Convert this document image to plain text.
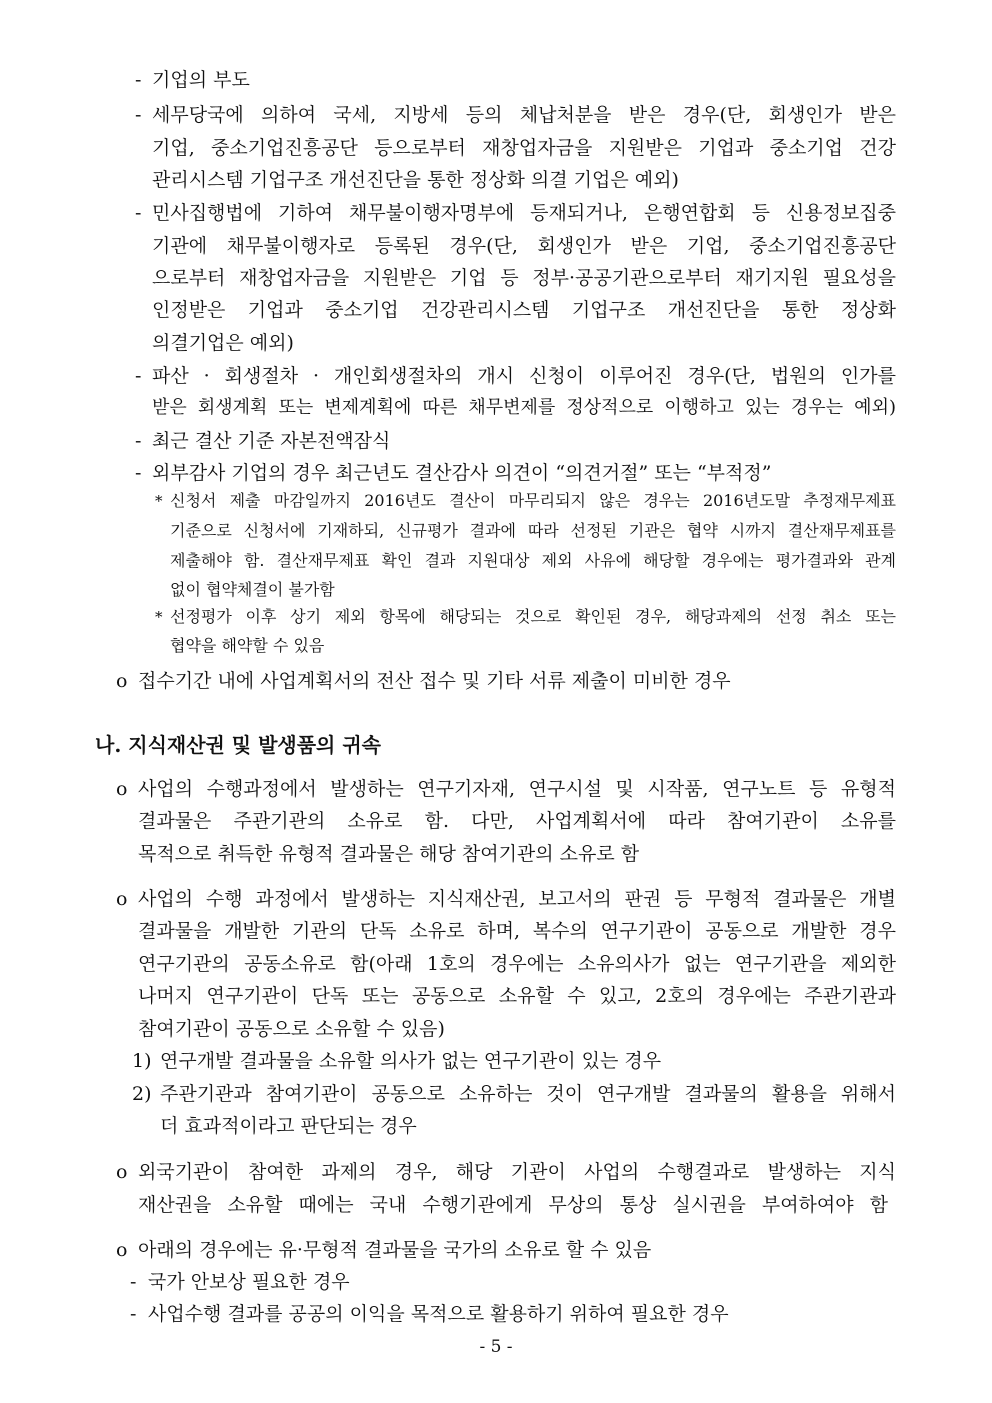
- 기업의 부도
- 세무당국에 의하여 국세, 지방세 등의 체납처분을 받은 경우(단, 회생인가 받은
기업, 중소기업진흥공단 등으로부터 재창업자금을 지원받은 기업과 중소기업 건강
관리시스템 기업구조 개선진단을 통한 정상화 의결 기업은 예외)
- 민사집행법에 기하여 채무불이행자명부에 등재되거나, 은행연합회 등 신용정보집중
기관에 채무불이행자로 등록된 경우(단, 회생인가 받은 기업, 중소기업진흥공단
으로부터 재창업자금을 지원받은 기업 등 정부·공공기관으로부터 재기지원 필요성을
인정받은 기업과 중소기업 건강관리시스템 기업구조 개선진단을 통한 정상화
의결기업은 예외)
- 파산 · 회생절차 · 개인회생절차의 개시 신청이 이루어진 경우(단, 법원의 인가를
받은 회생계획 또는 변제계획에 따른 채무변제를 정상적으로 이행하고 있는 경우는 예외)
- 최근 결산 기준 자본전액잠식
- 외부감사 기업의 경우 최근년도 결산감사 의견이 “의견거절” 또는 “부적정”
* 신청서 제출 마감일까지 2016년도 결산이 마무리되지 않은 경우는 2016년도말 추정재무제표
기준으로 신청서에 기재하되, 신규평가 결과에 따라 선정된 기관은 협약 시까지 결산재무제표를
제출해야 함. 결산재무제표 확인 결과 지원대상 제외 사유에 해당할 경우에는 평가결과와 관계
없이 협약체결이 불가함
* 선정평가 이후 상기 제외 항목에 해당되는 것으로 확인된 경우, 해당과제의 선정 취소 또는
협약을 해약할 수 있음
ο 접수기간 내에 사업계획서의 전산 접수 및 기타 서류 제출이 미비한 경우
나. 지식재산권 및 발생품의 귀속
ο 사업의 수행과정에서 발생하는 연구기자재, 연구시설 및 시작품, 연구노트 등 유형적
결과물은 주관기관의 소유로 함. 다만, 사업계획서에 따라 참여기관이 소유를
목적으로 취득한 유형적 결과물은 해당 참여기관의 소유로 함
ο 사업의 수행 과정에서 발생하는 지식재산권, 보고서의 판권 등 무형적 결과물은 개별
결과물을 개발한 기관의 단독 소유로 하며, 복수의 연구기관이 공동으로 개발한 경우
연구기관의 공동소유로 함(아래 1호의 경우에는 소유의사가 없는 연구기관을 제외한
나머지 연구기관이 단독 또는 공동으로 소유할 수 있고, 2호의 경우에는 주관기관과
참여기관이 공동으로 소유할 수 있음)
1) 연구개발 결과물을 소유할 의사가 없는 연구기관이 있는 경우
2) 주관기관과 참여기관이 공동으로 소유하는 것이 연구개발 결과물의 활용을 위해서
더 효과적이라고 판단되는 경우
ο 외국기관이 참여한 과제의 경우, 해당 기관이 사업의 수행결과로 발생하는 지식
재산권을 소유할 때에는 국내 수행기관에게 무상의 통상 실시권을 부여하여야 함
ο 아래의 경우에는 유·무형적 결과물을 국가의 소유로 할 수 있음
- 국가 안보상 필요한 경우
- 사업수행 결과를 공공의 이익을 목적으로 활용하기 위하여 필요한 경우
- 5 -
